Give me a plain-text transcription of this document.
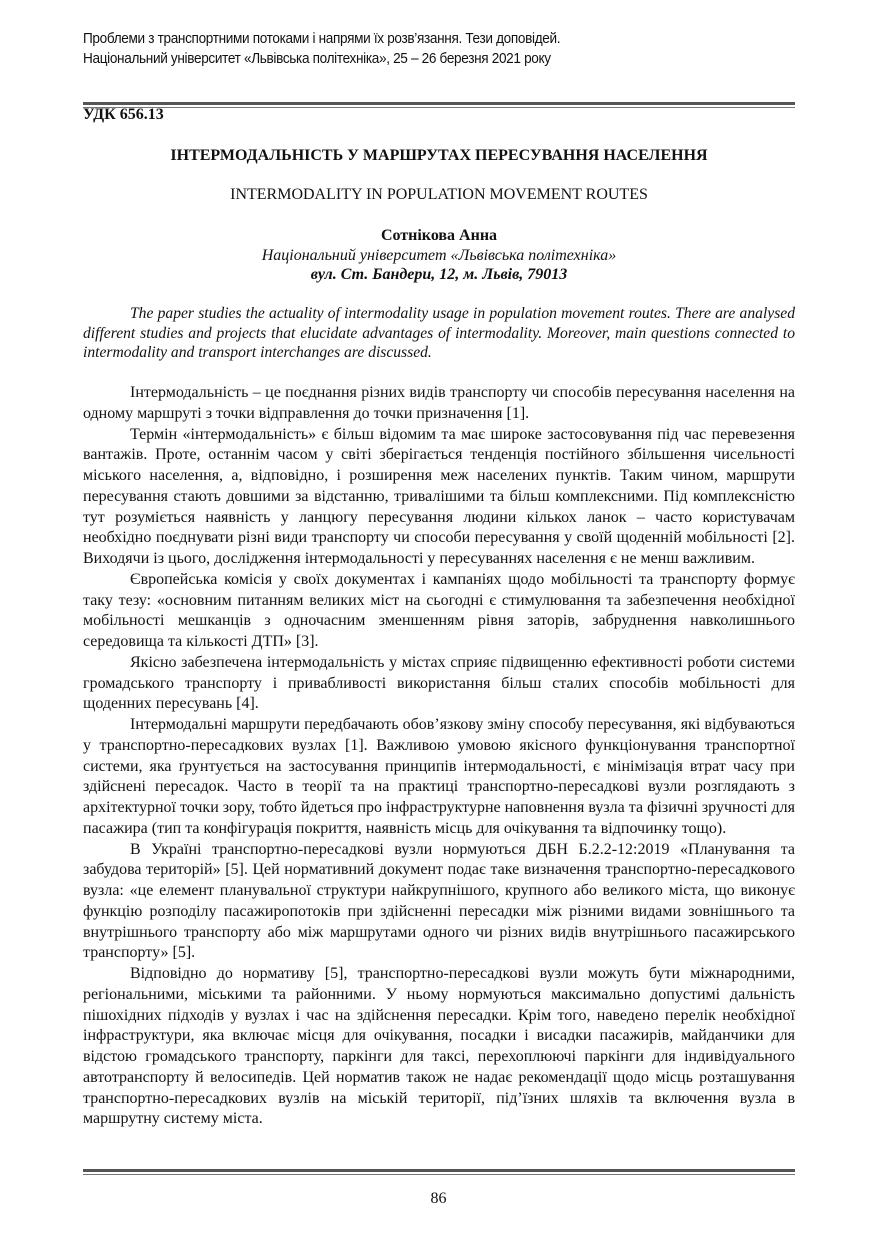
Проблеми з транспортними потоками і напрями їх розв’язання. Тези доповідей.
Національний університет «Львівська політехніка», 25 – 26 березня 2021 року
УДК 656.13
ІНТЕРМОДАЛЬНІСТЬ У МАРШРУТАХ ПЕРЕСУВАННЯ НАСЕЛЕННЯ
INTERMODALITY IN POPULATION MOVEMENT ROUTES
Сотнікова Анна
Національний університет «Львівська політехніка»
вул. Ст. Бандери, 12, м. Львів, 79013

The paper studies the actuality of intermodality usage in population movement routes. There are analysed different studies and projects that elucidate advantages of intermodality. Moreover, main questions connected to intermodality and transport interchanges are discussed.

Інтермодальність – це поєднання різних видів транспорту чи способів пересування населення на одному маршруті з точки відправлення до точки призначення [1].

Термін «інтермодальність» є більш відомим та має широке застосовування під час перевезення вантажів. Проте, останнім часом у світі зберігається тенденція постійного збільшення чисельності міського населення, а, відповідно, і розширення меж населених пунктів. Таким чином, маршрути пересування стають довшими за відстанню, тривалішими та більш комплексними. Під комплексністю тут розуміється наявність у ланцюгу пересування людини кількох ланок – часто користувачам необхідно поєднувати різні види транспорту чи способи пересування у своїй щоденній мобільності [2]. Виходячи із цього, дослідження інтермодальності у пересуваннях населення є не менш важливим.

Європейська комісія у своїх документах і кампаніях щодо мобільності та транспорту формує таку тезу: «основним питанням великих міст на сьогодні є стимулювання та забезпечення необхідної мобільності мешканців з одночасним зменшенням рівня заторів, забруднення навколишнього середовища та кількості ДТП» [3].

Якісно забезпечена інтермодальність у містах сприяє підвищенню ефективності роботи системи громадського транспорту і привабливості використання більш сталих способів мобільності для щоденних пересувань [4].

Інтермодальні маршрути передбачають обов’язкову зміну способу пересування, які відбуваються у транспортно-пересадкових вузлах [1]. Важливою умовою якісного функціонування транспортної системи, яка ґрунтується на застосування принципів інтермодальності, є мінімізація втрат часу при здійснені пересадок. Часто в теорії та на практиці транспортно-пересадкові вузли розглядають з архітектурної точки зору, тобто йдеться про інфраструктурне наповнення вузла та фізичні зручності для пасажира (тип та конфігурація покриття, наявність місць для очікування та відпочинку тощо).

В Україні транспортно-пересадкові вузли нормуються ДБН Б.2.2-12:2019 «Планування та забудова територій» [5]. Цей нормативний документ подає таке визначення транспортно-пересадкового вузла: «це елемент планувальної структури найкрупнішого, крупного або великого міста, що виконує функцію розподілу пасажиропотоків при здійсненні пересадки між різними видами зовнішнього та внутрішнього транспорту або між маршрутами одного чи різних видів внутрішнього пасажирського транспорту» [5].

Відповідно до нормативу [5], транспортно-пересадкові вузли можуть бути міжнародними, регіональними, міськими та районними. У ньому нормуються максимально допустимі дальність пішохідних підходів у вузлах і час на здійснення пересадки. Крім того, наведено перелік необхідної інфраструктури, яка включає місця для очікування, посадки і висадки пасажирів, майданчики для відстою громадського транспорту, паркінги для таксі, перехоплюючі паркінги для індивідуального автотранспорту й велосипедів. Цей норматив також не надає рекомендації щодо місць розташування транспортно-пересадкових вузлів на міській території, під’їзних шляхів та включення вузла в маршрутну систему міста.

86
